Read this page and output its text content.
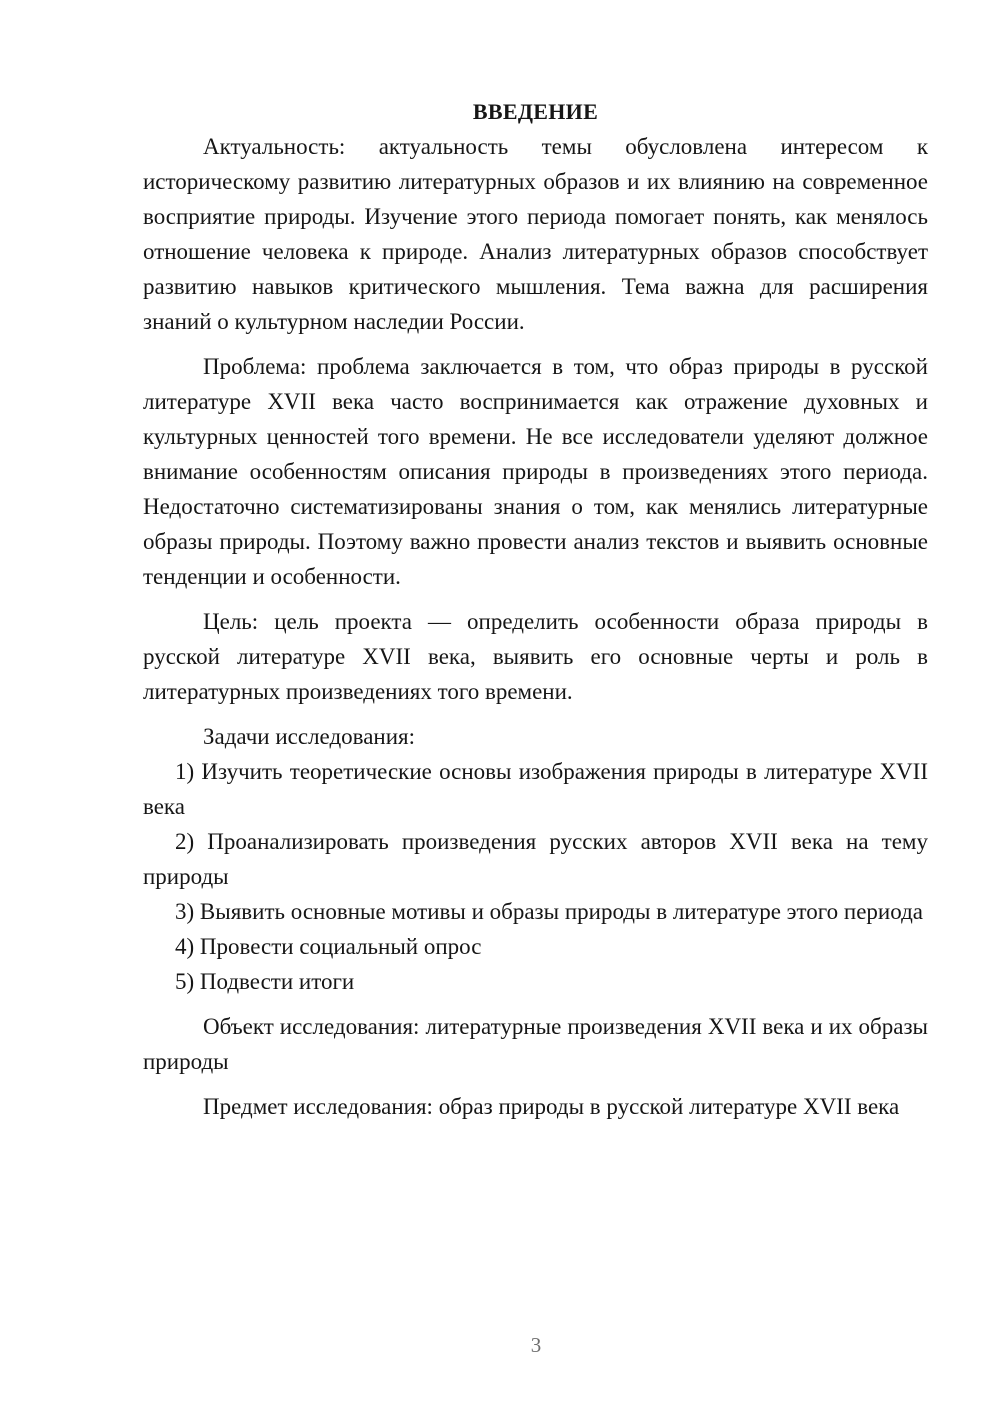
ВВЕДЕНИЕ

Актуальность: актуальность темы обусловлена интересом к историческому развитию литературных образов и их влиянию на современное восприятие природы. Изучение этого периода помогает понять, как менялось отношение человека к природе. Анализ литературных образов способствует развитию навыков критического мышления. Тема важна для расширения знаний о культурном наследии России.

Проблема: проблема заключается в том, что образ природы в русской литературе XVII века часто воспринимается как отражение духовных и культурных ценностей того времени. Не все исследователи уделяют должное внимание особенностям описания природы в произведениях этого периода. Недостаточно систематизированы знания о том, как менялись литературные образы природы. Поэтому важно провести анализ текстов и выявить основные тенденции и особенности.

Цель: цель проекта — определить особенности образа природы в русской литературе XVII века, выявить его основные черты и роль в литературных произведениях того времени.

Задачи исследования:

1) Изучить теоретические основы изображения природы в литературе XVII века

2) Проанализировать произведения русских авторов XVII века на тему природы

3) Выявить основные мотивы и образы природы в литературе этого периода

4) Провести социальный опрос

5) Подвести итоги

Объект исследования: литературные произведения XVII века и их образы природы

Предмет исследования: образ природы в русской литературе XVII века

3
